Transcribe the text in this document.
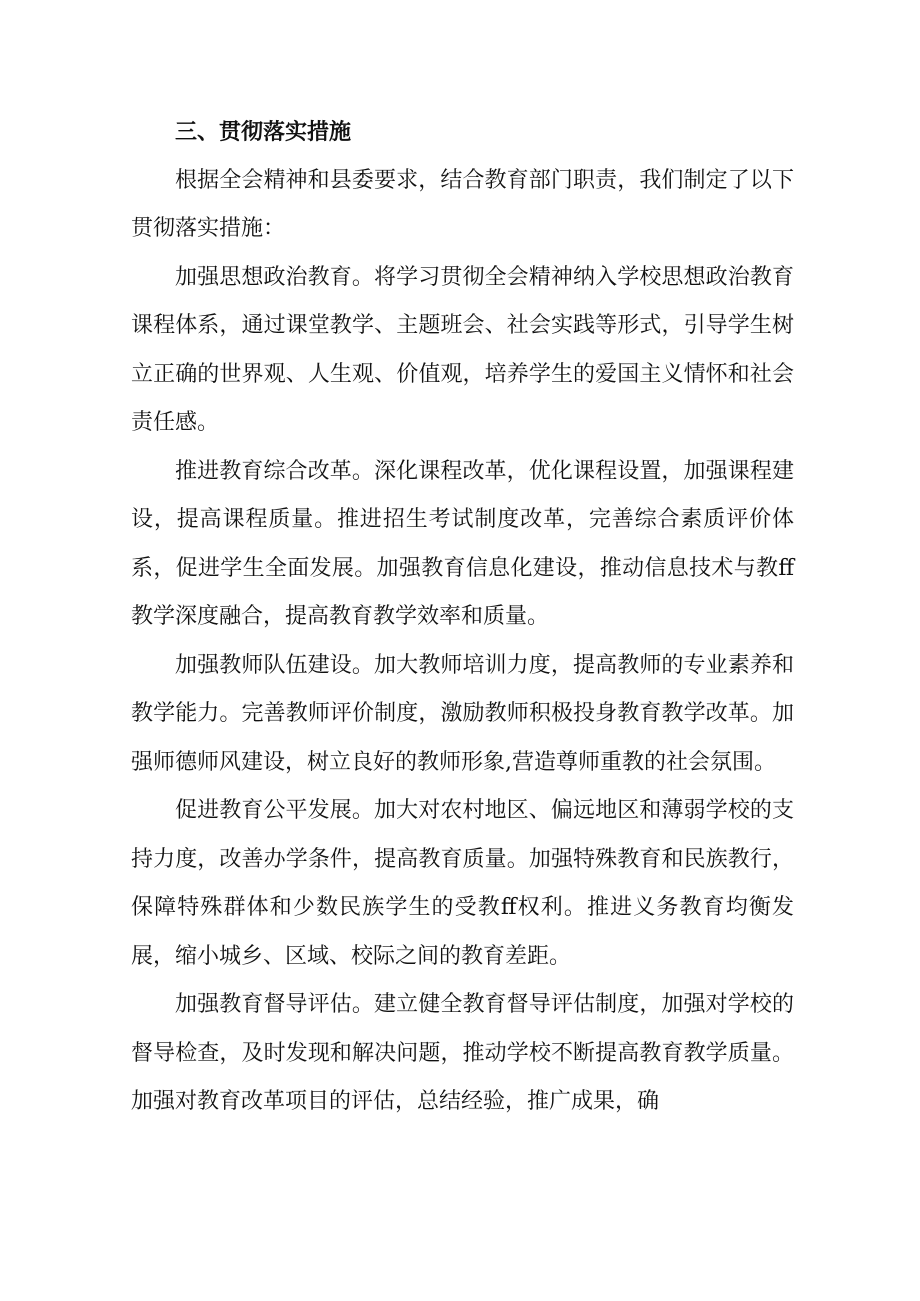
三、贯彻落实措施

根据全会精神和县委要求，结合教育部门职责，我们制定了以下贯彻落实措施：

加强思想政治教育。将学习贯彻全会精神纳入学校思想政治教育课程体系，通过课堂教学、主题班会、社会实践等形式，引导学生树立正确的世界观、人生观、价值观，培养学生的爱国主义情怀和社会责任感。

推进教育综合改革。深化课程改革，优化课程设置，加强课程建设，提高课程质量。推进招生考试制度改革，完善综合素质评价体系，促进学生全面发展。加强教育信息化建设，推动信息技术与教ff教学深度融合，提高教育教学效率和质量。

加强教师队伍建设。加大教师培训力度，提高教师的专业素养和教学能力。完善教师评价制度，激励教师积极投身教育教学改革。加强师德师风建设，树立良好的教师形象,营造尊师重教的社会氛围。

促进教育公平发展。加大对农村地区、偏远地区和薄弱学校的支持力度，改善办学条件，提高教育质量。加强特殊教育和民族教行，保障特殊群体和少数民族学生的受教ff权利。推进义务教育均衡发展，缩小城乡、区域、校际之间的教育差距。

加强教育督导评估。建立健全教育督导评估制度，加强对学校的督导检查，及时发现和解决问题，推动学校不断提高教育教学质量。加强对教育改革项目的评估，总结经验，推广成果，确
